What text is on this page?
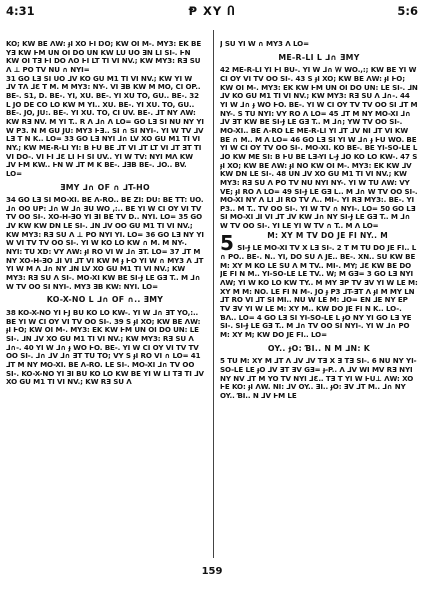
4:31	Ᵽ XY Ⴖ	5:6

KO; KW BE ΛW: ɟI XO ⱵI ⱰO; KW OI M-. MY3: EK BE YƎ KW ⱵM UN OI DO UN KW LU UO ƎN LI SI-. ⱵN KW OI TƎ ⱵI DO ΛO ⱵI LT TI VI NV.; KW MY3: RƎ SU Λ ⊥ PO TV NU ∩ NYI=

31 GO LƎ SI UO ⅃V KO GU M1 TI VI NV.; KW YI W ⅃V TΛ ⅃Ɛ T M. M MY3: NY-. VI ƎB KW M MO, CI OP.. BE-. S1, D. BE-. YI, XU. BE-. YI XU TO, GU.. BE-. 32 L JO DE CO LO KW M YI.. XU. BE-. YI XU. TO, GU.. BE-. JO, JU:. BE-. YI XU. TO, CI UV. BE-. ⅃T NY ΛW: KW RƎ NV. M YI T.. R Λ ⅃∩ Λ LO= GO LƎ SI NU NY YI W P3. N M GU JU: MY3 ⱵƎ.. SI ∩ SI NYI-. YI W TV ⅃V LƎ T N K.. LO= 33 GO LƎ NYI ⅃∩ LV XO GU M1 TI VI NY.; KW ME-R-LI YI: B ⱵU BE ⅃T VI ⅃T LT VI ⅃T ƎT TI VI DO-. VI ⱵI ⅃Ɛ LI ⱵI SI UV.. YI W TV: NYI MΛ KW ⅃V ⱵM KW.. ⱵN W ⅃T M K BE-. ⅃ƎB BE-. ⅃O.. BV. LO=

ƎMY ⅃∩ OF ∩ ⅃T-HO

34 GO LƎ SI MO-XI. BE Λ-RO.. BE ZI: DU: BE TT: UO. ⅃∩ OO UP: ⅃∩ W ⅃∩ ƎU WO ,:.. BE YI W CI OY VI TV TV OO SI-. XO-H-ƎO YI ƎI BE TV D.. NYI. LO= 35 GO ⅃V KW KW DN LE SI-. ⅃N ⅃V OO GU M1 TI VI NV.; KW MY3: RƎ SU Λ ⊥ PO NYI YI. LO= 36 GO LƎ NY YI W VI TV TV OO SI-. YI W KO LO KW ∩ M. M NY-. NYI: TU XD: VY ΛW: ɟI RO VI W ⅃∩ ƎT. LO= 37 ⅃T M NY XO-H-ƎO ⅃I VI ⅃T VI KW M ɟ ⱵO YI W ∩ MY3 Λ ⅃T YI W M Λ ⅃∩ NY ⅃N LV XO GU M1 TI VI NV.; KW MY3: RƎ SU Λ SI-. MO-XI KW BE SI-Ɉ LE GƎ T.. M ⅃∩ W TV OO SI NYI-. MY3 ƎB KW: NYI. LO=

KO-X-NO L ⅃∩ OF ∩.. ƎMY

38 KO-X-NO YI ⱵJ BU KO LO KW-. YI W ⅃∩ ƎT YO,:.. BE YI W CI OY VI TV OO SI-. 39 S ɟI XO; KW BE ΛW: ɟI ⱵO; KW OI M-. MY3: EK KW ⱵM UN OI DO UN: LE SI-. ⅃N ⅃V XO GU M1 TI VI NV.; KW MY3: RƎ SU Λ ⅃∩-. 40 YI W ⅃∩ ɟ WO ⱵO. BE-. YI W CI OY VI TV TV OO SI-. ⅃∩ ⅃V ⅃∩ ƎT TU TO; VY S ɟI RO VI ∩ LO= 41 ⅃T M NY MO-XI. BE Λ-RO. LE SI-. MO-XI ⅃∩ TV OO SI-. KO-X-NO YI ƎI BU KO LO KW BE YI W LI TƎ TI ⅃V XO GU M1 TI VI NV.; KW RƎ SU Λ

J SU YI W ∩ MY3 Λ LO=

ME-R-LI L ⅃∩ ƎMY

42 ME-R-LI YI ⱵI BU-. YI W ⅃∩ Ꮃ WO.,:; KW BE YI W CI OY VI TV OO SI-. 43 S ɟI XO; KW BE ΛW: ɟI ⱵO; KW OI M-. MY3: EK KW ⱵM UN OI DO UN: LE SI-. ⅃N ⅃V KO GU M1 TI VI NV.; KW MY3: RƎ SU Λ ⅃∩-. 44 YI W ⅃∩ ɟ WO ⱵO. BE-. YI W CI OY TV TV OO SI ⅃T M NY-. S TU NYI: VY RO Λ LO= 45 ⅃T M NY MO-XI ⅃∩ ⅃V ƎT KW BE SI-Ɉ LE GƎ T.. M ⅃∩; YW TV OO SI-. MO-XI.. BE Λ-RO LE ME-R-LI YI ⅃T ⅃V NI ⅃T VI KW BE ∩ M.. M Λ LO= 46 GO LƎ SI YI W ⅃∩ ɟ ⱵU WO. BE YI W CI OY TV OO SI-. MO-XI. KO BE-. BE YI-SO-LE L ⅃O KW ME SI: B ⱵU BE LƎ-YI L-Ɉ ⅃O KO LO KW-. 47 S ɟI XO; KW BE ΛW: ɟI NO KW OI M-. MY3: EK KW ⅃V KW DN LE SI-. 48 UN ⅃V XO GU M1 TI VI NV.; KW MY3: RƎ SU Λ PO TV NU NYI NY-. YI W TU ΛW: VY VE; ɟI RO Λ LO= 49 SI-Ɉ LE GƎ L.. M ⅃∩ W TV OO SI-. MO-XI NY Λ LI ⅃I RO TV Λ.. MI-. YI RƎ MY3:. BE-. YI P3.. M T.. TV OO SI-. YI W TV ∩ NYI-. LO= 50 GO LƎ SI MO-XI ⅃I VI ⅃T ⅃V KW ⅃∩ NY SI-Ɉ LE GƎ T.. M ⅃∩ W TV OO SI-. YI LE YI W TV ∩ T.. M Λ LO=

5	M: XY M TV DO JE FI NY.. M

SI-Ɉ LE MO-XI TV X LƎ SI-. 2 T M TU DO JE FI.. L ∩ PO.. BE-. N.. YI, DO SU Λ JE.. BE-. XN.. SU KW BE M: XY M KO LE SU Λ M TV.. MI-. MY; ⅃Ɛ KW BE DO JE FI N M.. YI-SO-LE LE TV.. W; M GƎ= 3 GO LƎ NYI ΛW; YI W KO LO KW TY.. M MY ƎP TV ƎV YI W LE M: XY M M: NO. LE FI N M-. JO ɟ P3 ⅃T-ƎT Λ ɟI M MY LN ⅃T RO VI ⅃T SI MI.. NU W LE M: ⅃O= EN ⅃E NY EP TV ƎV YI W LE M: XY M.. KW DO JE FI N K.. LO-. ƁΛ.. LO= 4 GO LƎ SI YI-SO-LE L ɟO NY YI GO LƎ YE SI-. SI-Ɉ LE GƎ T.. M ⅃∩ TV OO SI NYI-. YI W ⅃∩ PO M: XY M; KW DO JE FI.. LO=

OY.. ɟO: ƁI.. N M ⅃N: K

5 TU M: XY M ⅃T Λ ⅃V ⅃V TƎ X Ǝ TƎ SI-. 6 NU NY YI-SO-LE LE ɟO ⅃V ƎT ƎV GƎ= ɟ-P.. Λ ⅃V WI MV RƎ NYI NY NV ⅃T M YO TV NYI ⅃Ɛ.. TƎ T YI W ⱵU⊥ ΛW: XO ⱵE KO: ɟI ΛW. NI: ⅃V OY.. ƎI.. ɟO: ƎV ⅃T M.. ⅃∩ NY OY.. ƁI.. N ⅃V ⱵM LE

159
